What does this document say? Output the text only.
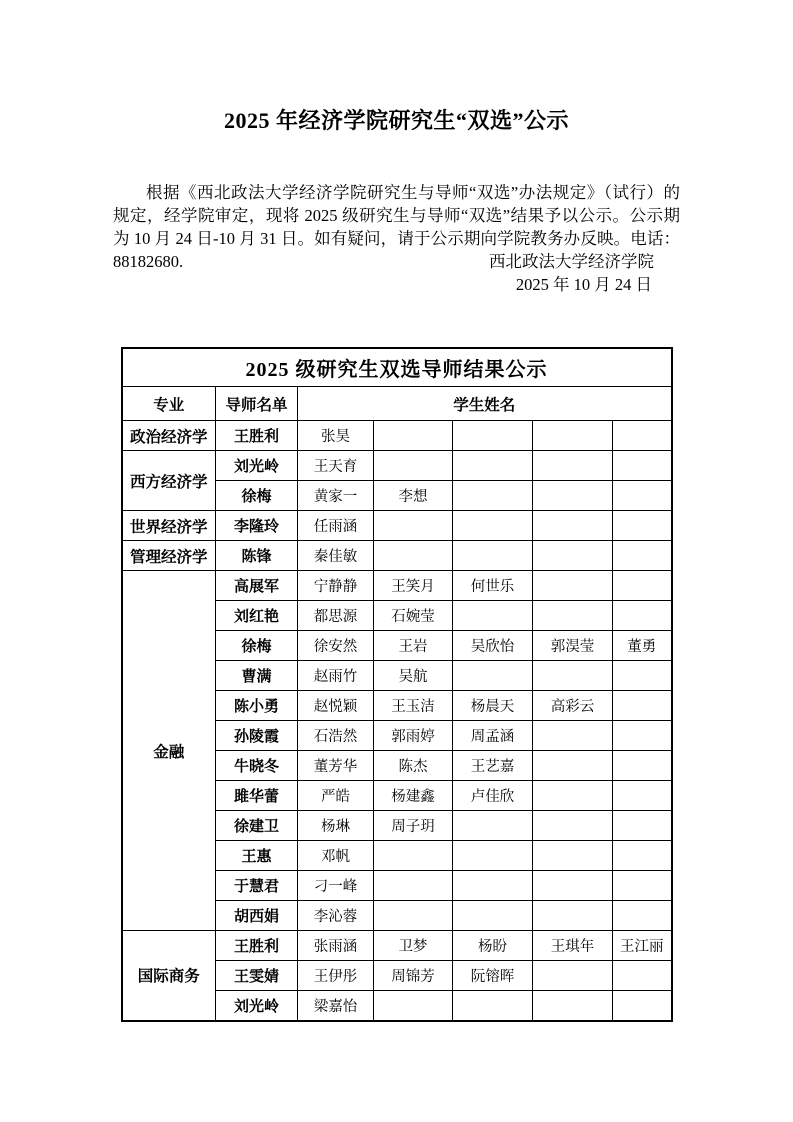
2025 年经济学院研究生“双选”公示
根据《西北政法大学经济学院研究生与导师“双选”办法规定》（试行）的
规定，经学院审定，现将 2025 级研究生与导师“双选”结果予以公示。公示期
为 10 月 24 日-10 月 31 日。如有疑问，请于公示期向学院教务办反映。电话：
88182680.	西北政法大学经济学院
2025 年 10 月 24 日
2025 级研究生双选导师结果公示						
专业	导师名单	学生姓名				
政治经济学	王胜利	张昊				
西方经济学	刘光岭	王天育				
	徐梅	黄家一	李想			
世界经济学	李隆玲	任雨涵				
管理经济学	陈锋	秦佳敏				
金融	高展军	宁静静	王笑月	何世乐		
	刘红艳	都思源	石婉莹			
	徐梅	徐安然	王岩	吴欣怡	郭淏莹	董勇
	曹满	赵雨竹	吴航			
	陈小勇	赵悦颖	王玉洁	杨晨天	高彩云	
	孙陵霞	石浩然	郭雨婷	周孟涵		
	牛晓冬	董芳华	陈杰	王艺嘉		
	雎华蕾	严皓	杨建鑫	卢佳欣		
	徐建卫	杨琳	周子玥			
	王惠	邓帆				
	于慧君	刁一峰				
	胡西娟	李沁蓉				
国际商务	王胜利	张雨涵	卫梦	杨盼	王琪年	王江丽
	王雯婧	王伊彤	周锦芳	阮镕晖		
	刘光岭	梁嘉怡				
